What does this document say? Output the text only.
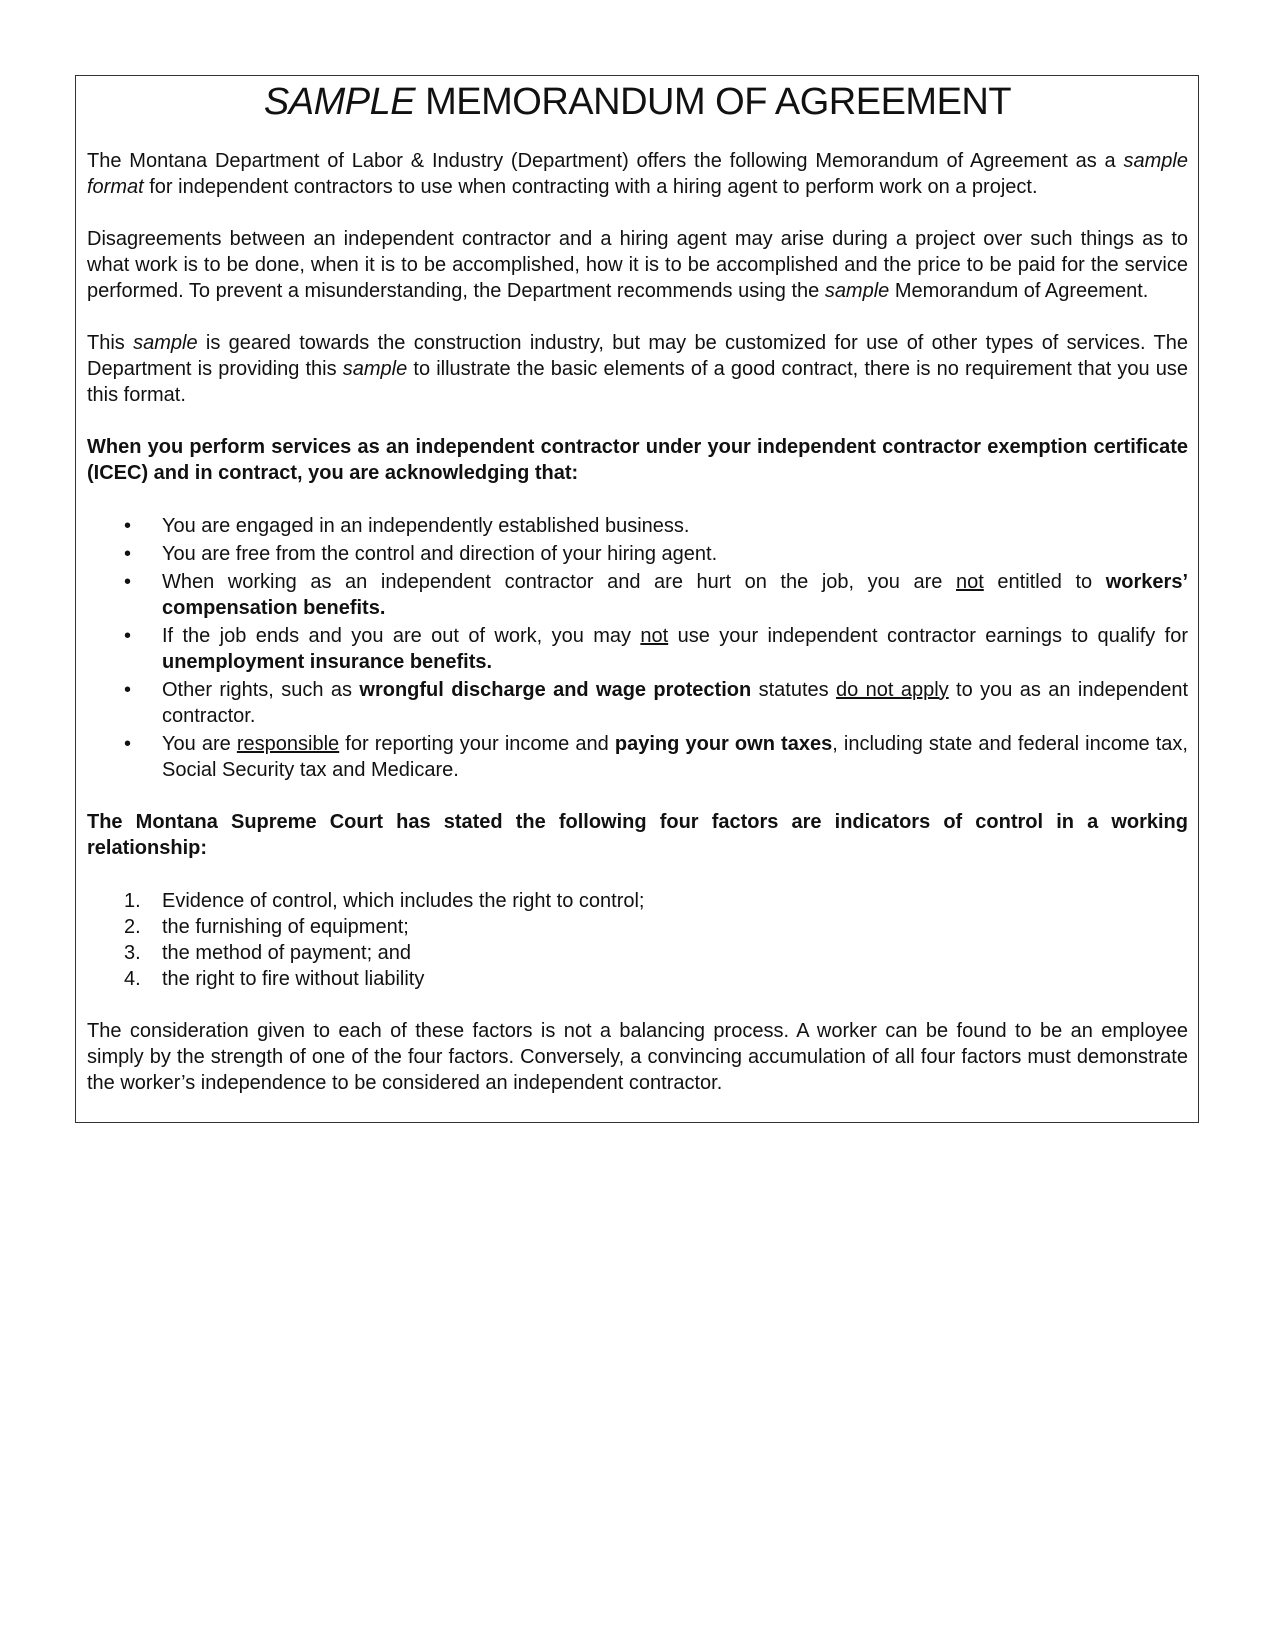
SAMPLE MEMORANDUM OF AGREEMENT

The Montana Department of Labor & Industry (Department) offers the following Memorandum of Agreement as a sample format for independent contractors to use when contracting with a hiring agent to perform work on a project.

Disagreements between an independent contractor and a hiring agent may arise during a project over such things as to what work is to be done, when it is to be accomplished, how it is to be accomplished and the price to be paid for the service performed. To prevent a misunderstanding, the Department recommends using the sample Memorandum of Agreement.

This sample is geared towards the construction industry, but may be customized for use of other types of services. The Department is providing this sample to illustrate the basic elements of a good contract, there is no requirement that you use this format.

When you perform services as an independent contractor under your independent contractor exemption certificate (ICEC) and in contract, you are acknowledging that:

• You are engaged in an independently established business.
• You are free from the control and direction of your hiring agent.
• When working as an independent contractor and are hurt on the job, you are not entitled to workers’ compensation benefits.
• If the job ends and you are out of work, you may not use your independent contractor earnings to qualify for unemployment insurance benefits.
• Other rights, such as wrongful discharge and wage protection statutes do not apply to you as an independent contractor.
• You are responsible for reporting your income and paying your own taxes, including state and federal income tax, Social Security tax and Medicare.

The Montana Supreme Court has stated the following four factors are indicators of control in a working relationship:

1. Evidence of control, which includes the right to control;
2. the furnishing of equipment;
3. the method of payment; and
4. the right to fire without liability

The consideration given to each of these factors is not a balancing process. A worker can be found to be an employee simply by the strength of one of the four factors. Conversely, a convincing accumulation of all four factors must demonstrate the worker’s independence to be considered an independent contractor.
